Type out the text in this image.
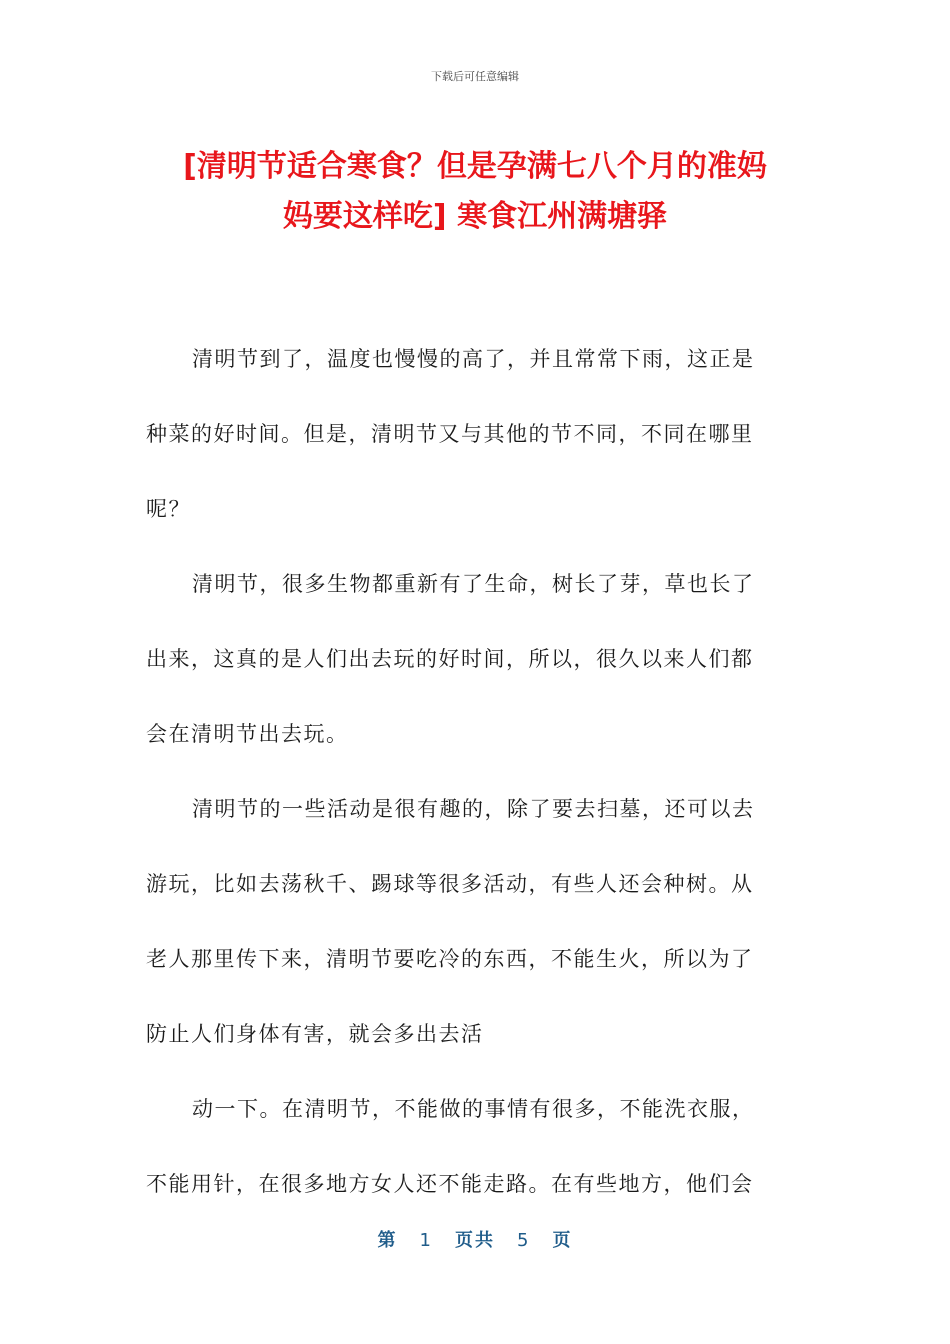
下载后可任意编辑
[清明节适合寒食？但是孕满七八个月的准妈
妈要这样吃] 寒食江州满塘驿
清明节到了，温度也慢慢的高了，并且常常下雨，这正是
种菜的好时间。但是，清明节又与其他的节不同，不同在哪里
呢？
清明节，很多生物都重新有了生命，树长了芽，草也长了
出来，这真的是人们出去玩的好时间，所以，很久以来人们都
会在清明节出去玩。
清明节的一些活动是很有趣的，除了要去扫墓，还可以去
游玩，比如去荡秋千、踢球等很多活动，有些人还会种树。从
老人那里传下来，清明节要吃冷的东西，不能生火，所以为了
防止人们身体有害，就会多出去活
动一下。在清明节，不能做的事情有很多，不能洗衣服，
不能用针，在很多地方女人还不能走路。在有些地方，他们会
第 1 页共 5 页
